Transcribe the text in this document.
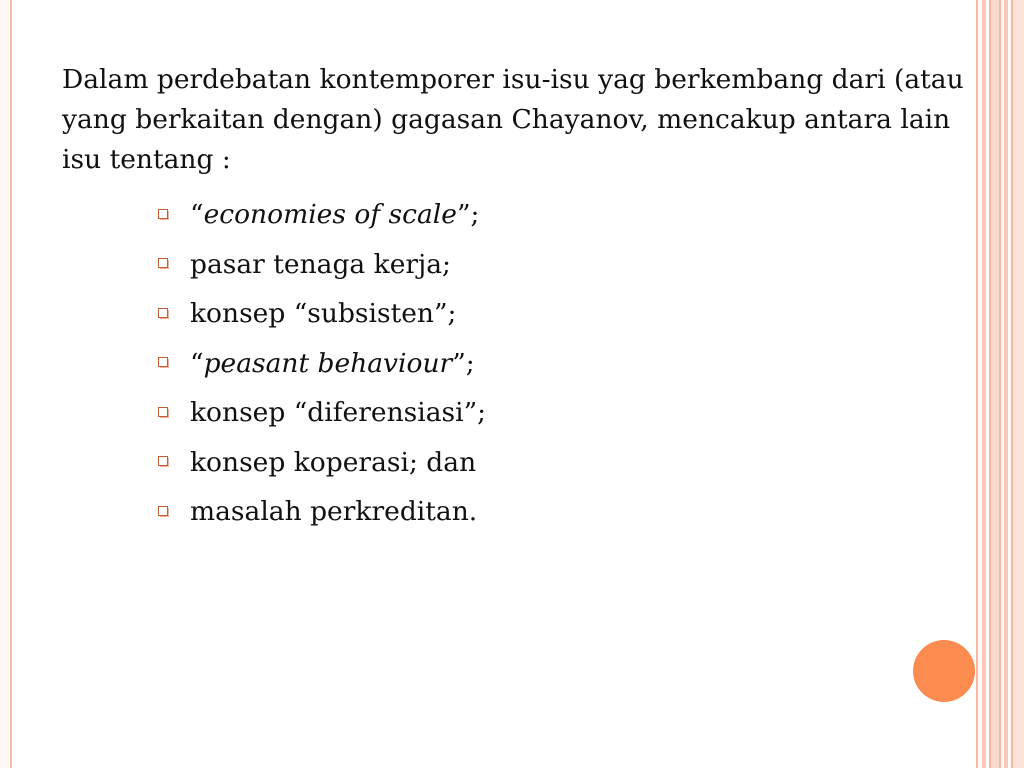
Dalam perdebatan kontemporer isu-isu yag berkembang dari (atau yang berkaitan dengan) gagasan Chayanov, mencakup antara lain isu tentang :

“economies of scale”;
pasar tenaga kerja;
konsep “subsisten”;
“peasant behaviour”;
konsep “diferensiasi”;
konsep koperasi; dan
masalah perkreditan.
